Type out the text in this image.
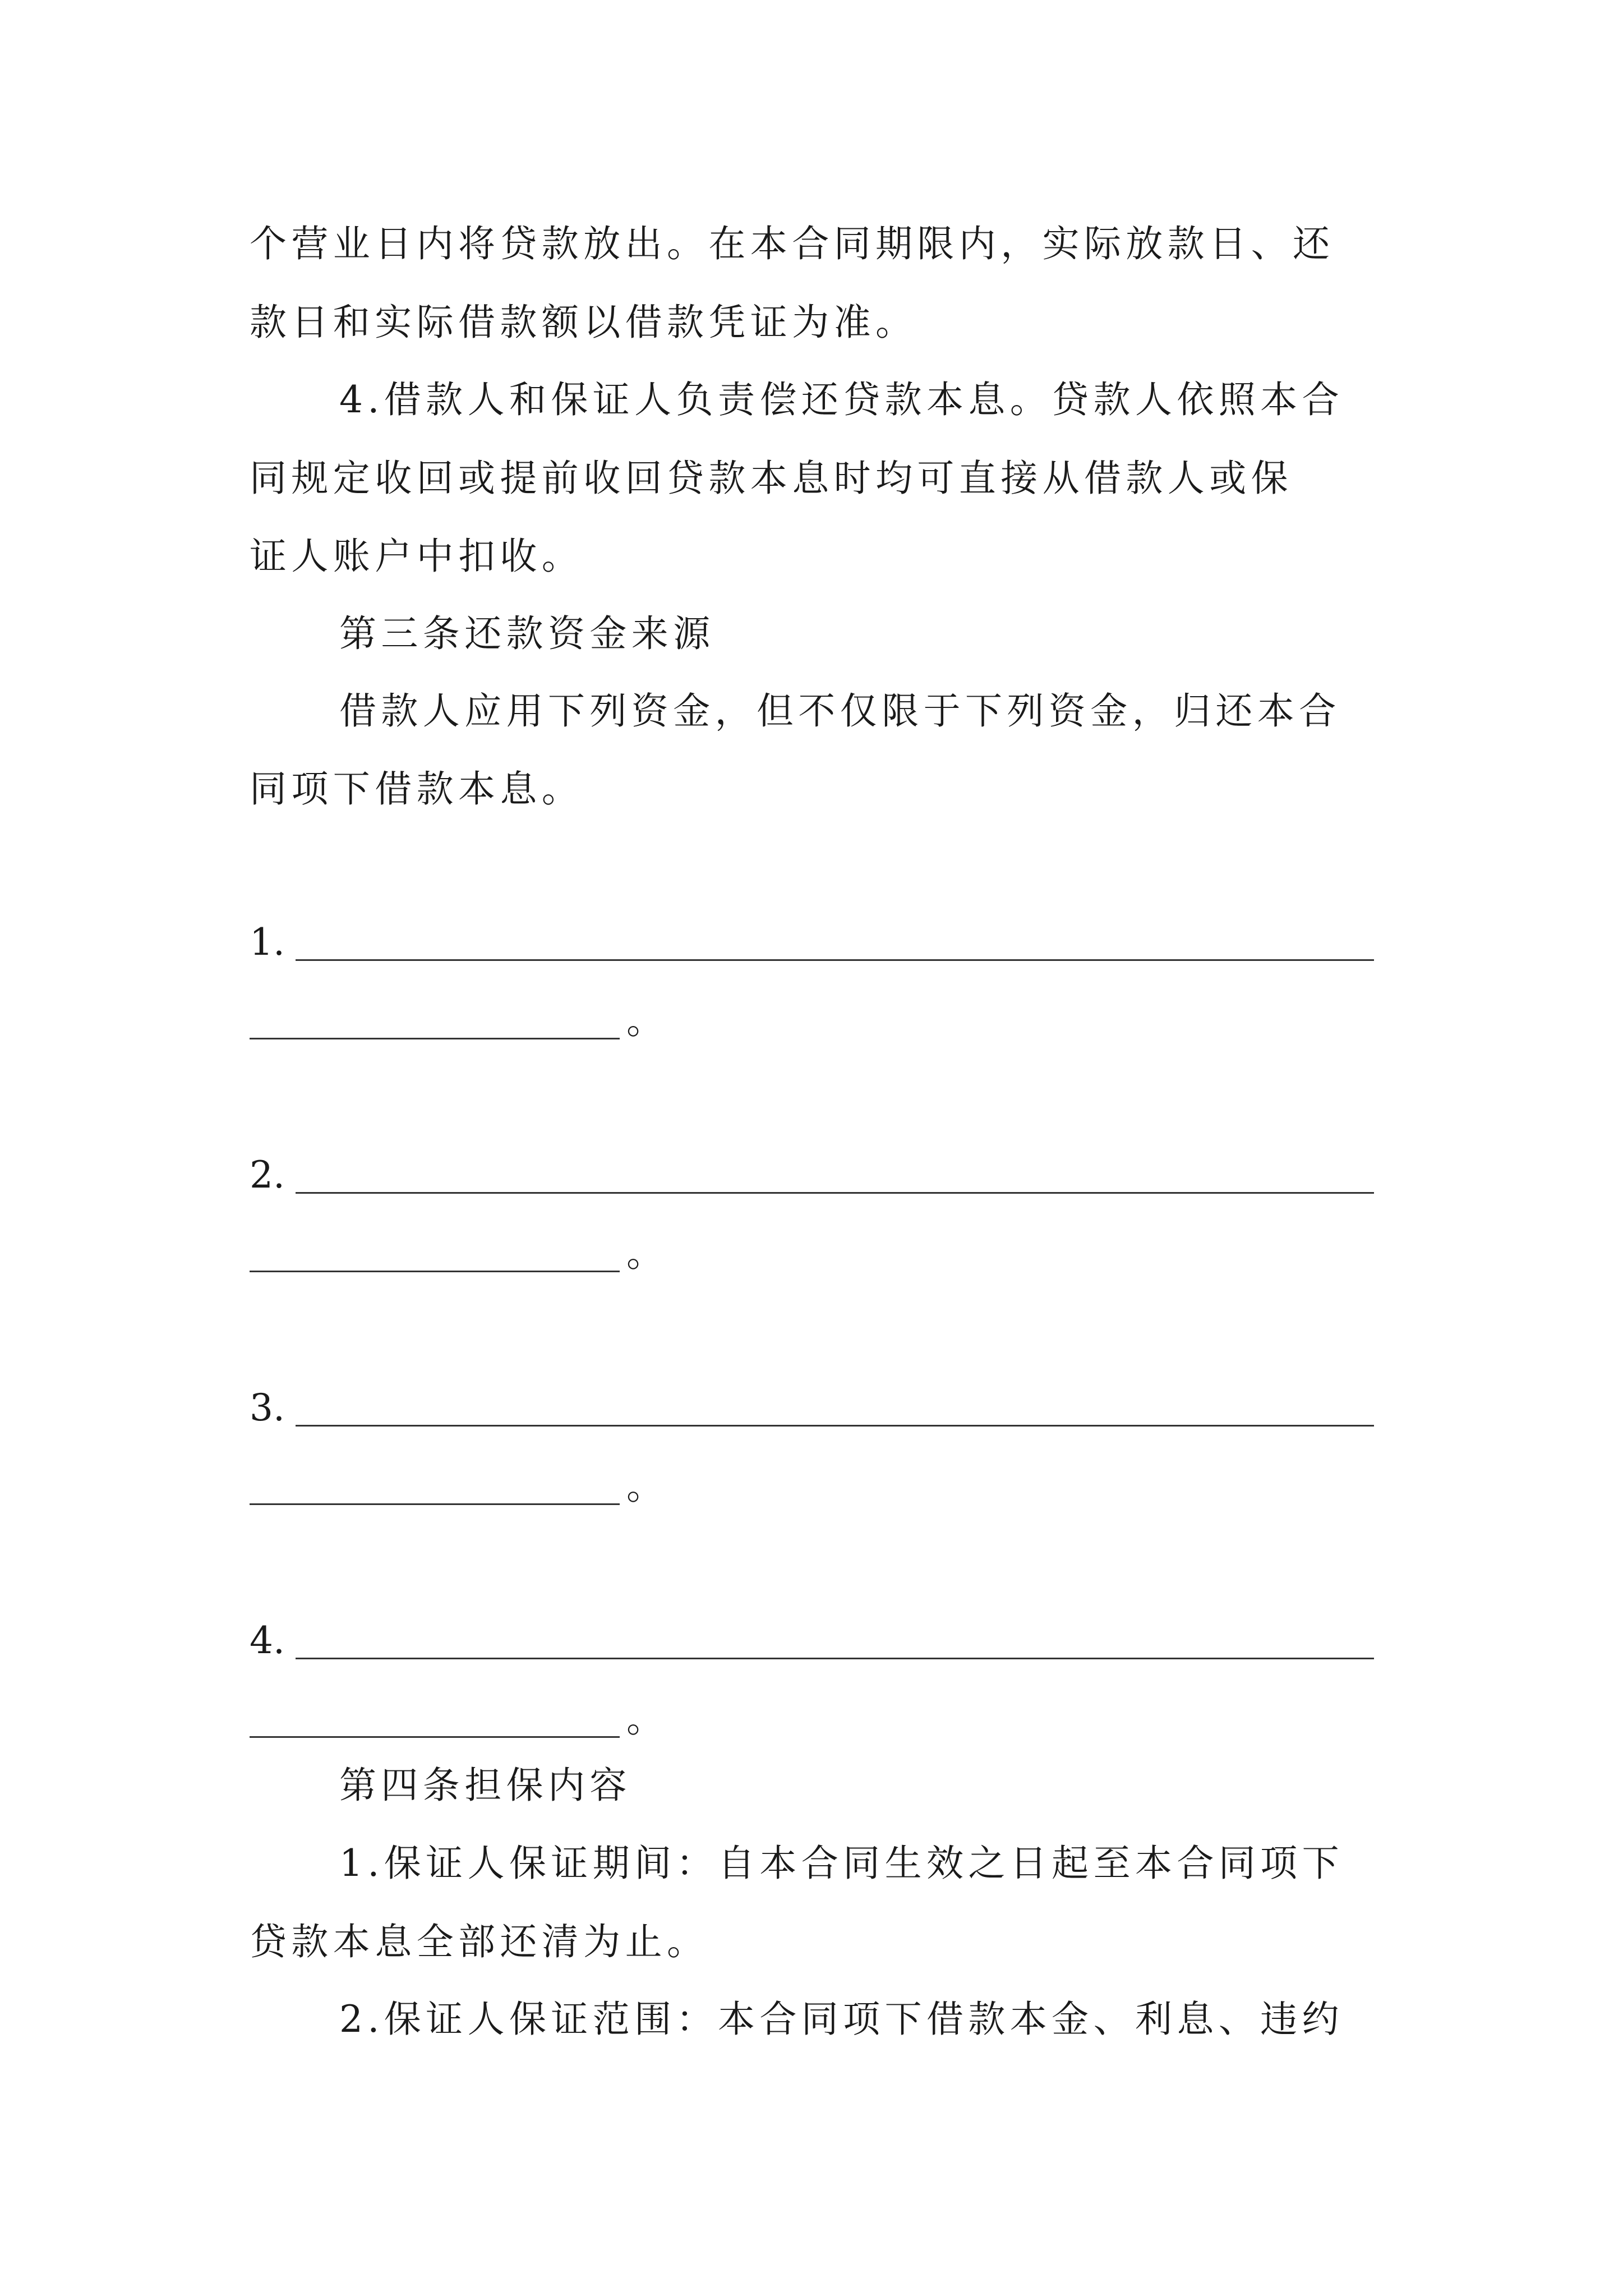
个营业日内将贷款放出。在本合同期限内，实际放款日、还
款日和实际借款额以借款凭证为准。
4.借款人和保证人负责偿还贷款本息。贷款人依照本合
同规定收回或提前收回贷款本息时均可直接从借款人或保
证人账户中扣收。
第三条还款资金来源
借款人应用下列资金，但不仅限于下列资金，归还本合
同项下借款本息。
1.
。
2.
。
3.
。
4.
。
第四条担保内容
1.保证人保证期间：自本合同生效之日起至本合同项下
贷款本息全部还清为止。
2.保证人保证范围：本合同项下借款本金、利息、违约
